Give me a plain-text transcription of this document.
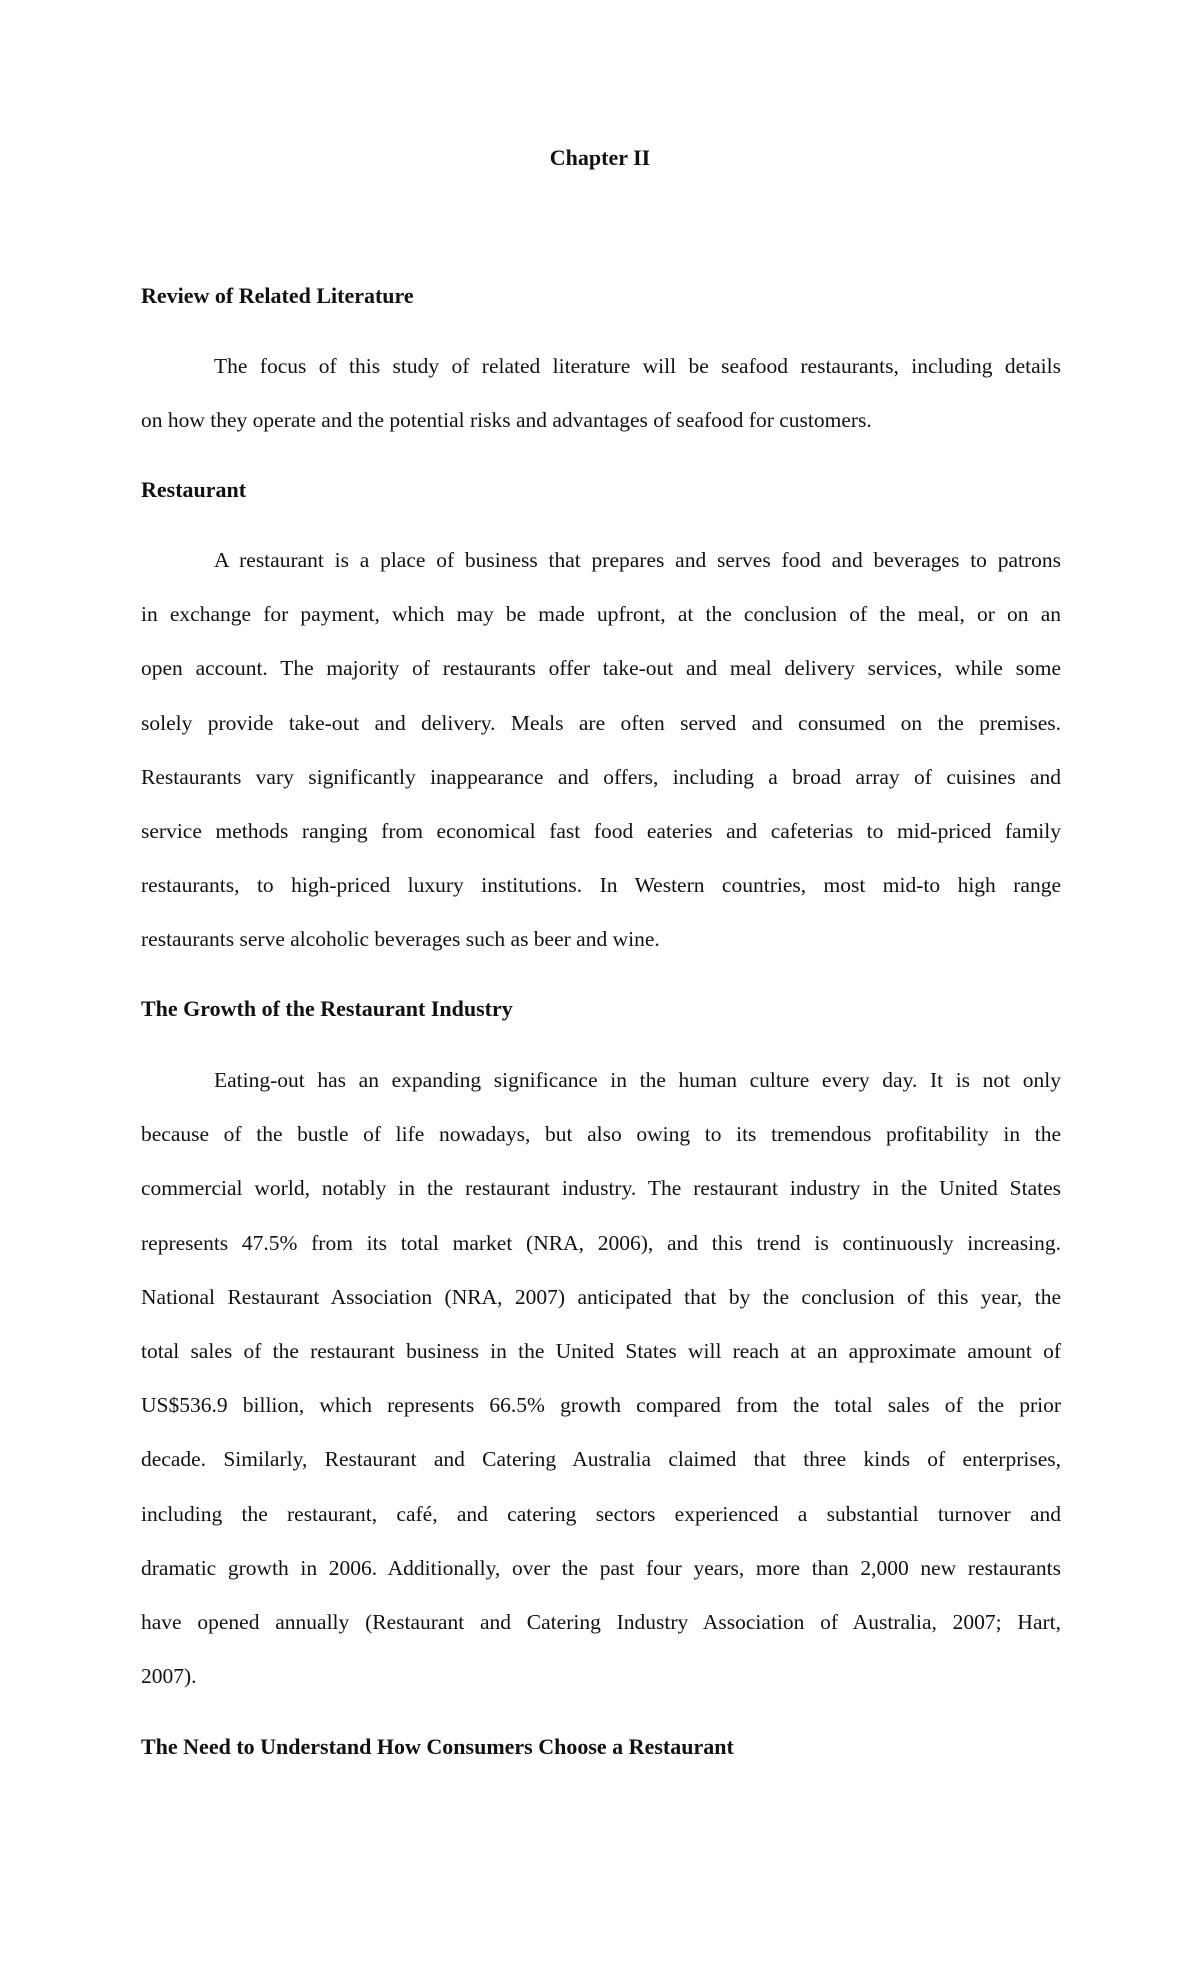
Chapter II
Review of Related Literature
The focus of this study of related literature will be seafood restaurants, including details
on how they operate and the potential risks and advantages of seafood for customers.
Restaurant
A restaurant is a place of business that prepares and serves food and beverages to patrons
in exchange for payment, which may be made upfront, at the conclusion of the meal, or on an
open account. The majority of restaurants offer take-out and meal delivery services, while some
solely provide take-out and delivery. Meals are often served and consumed on the premises.
Restaurants vary significantly inappearance and offers, including a broad array of cuisines and
service methods ranging from economical fast food eateries and cafeterias to mid-priced family
restaurants, to high-priced luxury institutions. In Western countries, most mid-to high range
restaurants serve alcoholic beverages such as beer and wine.
The Growth of the Restaurant Industry
Eating-out has an expanding significance in the human culture every day. It is not only
because of the bustle of life nowadays, but also owing to its tremendous profitability in the
commercial world, notably in the restaurant industry. The restaurant industry in the United States
represents 47.5% from its total market (NRA, 2006), and this trend is continuously increasing.
National Restaurant Association (NRA, 2007) anticipated that by the conclusion of this year, the
total sales of the restaurant business in the United States will reach at an approximate amount of
US$536.9 billion, which represents 66.5% growth compared from the total sales of the prior
decade. Similarly, Restaurant and Catering Australia claimed that three kinds of enterprises,
including the restaurant, café, and catering sectors experienced a substantial turnover and
dramatic growth in 2006. Additionally, over the past four years, more than 2,000 new restaurants
have opened annually (Restaurant and Catering Industry Association of Australia, 2007; Hart,
2007).
The Need to Understand How Consumers Choose a Restaurant
